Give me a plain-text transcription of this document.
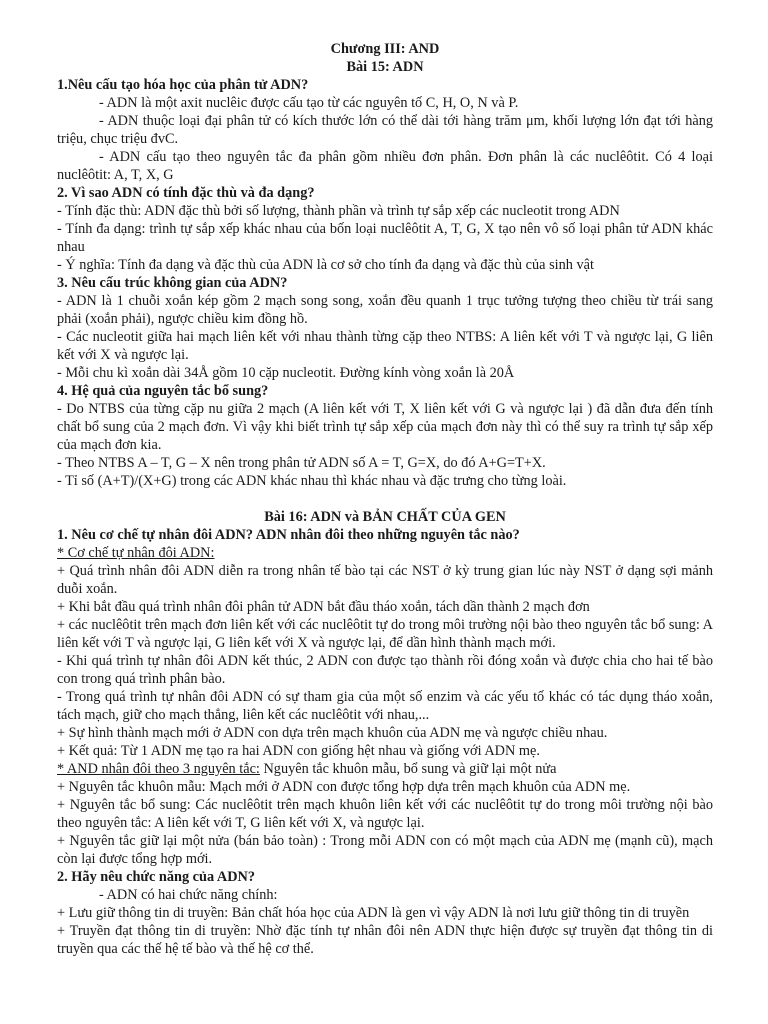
Chương III: AND
Bài 15: ADN
1.Nêu cấu tạo hóa học của phân tử ADN?

- ADN là một axit nuclêic được cấu tạo từ các nguyên tố C, H, O, N và P.

- ADN thuộc loại đại phân tử có kích thước lớn có thể dài tới hàng trăm μm, khối lượng lớn đạt tới hàng triệu, chục triệu đvC.

- ADN cấu tạo theo nguyên tắc đa phân gồm nhiều đơn phân. Đơn phân là các nuclêôtit. Có 4 loại nuclêôtit: A, T, X, G

2. Vì sao ADN có tính đặc thù và đa dạng?

- Tính đặc thù: ADN đặc thù bởi số lượng, thành phần và trình tự sắp xếp các nucleotit trong ADN

- Tính đa dạng: trình tự sắp xếp khác nhau của bốn loại nuclêôtit A, T, G, X tạo nên vô số loại phân tử ADN khác nhau

- Ý nghĩa: Tính đa dạng và đặc thù của ADN là cơ sở cho tính đa dạng và đặc thù của sinh vật

3. Nêu cấu trúc không gian của ADN?

- ADN là 1 chuỗi xoắn kép gồm 2 mạch song song, xoắn đều quanh 1 trục tưởng tượng theo chiều từ trái sang phải (xoắn phải), ngược chiều kim đồng hồ.

- Các nucleotit giữa hai mạch liên kết với nhau thành từng cặp theo NTBS: A liên kết với T và ngược lại, G liên kết với X và ngược lại.

- Mỗi chu kì xoắn dài 34Å gồm 10 cặp nucleotit. Đường kính vòng xoắn là 20Å

4. Hệ quả của nguyên tắc bổ sung?

- Do NTBS của từng cặp nu giữa 2 mạch (A liên kết với T, X liên kết với G và ngược lại ) đã dẫn đưa đến tính chất bổ sung của 2 mạch đơn. Vì vậy khi biết trình tự sắp xếp của mạch đơn này thì có thể suy ra trình tự sắp xếp của mạch đơn kia.

- Theo NTBS A – T, G – X nên trong phân tử ADN số A = T, G=X, do đó A+G=T+X.

- Tỉ số (A+T)/(X+G) trong các ADN khác nhau thì khác nhau và đặc trưng cho từng loài.

Bài 16: ADN và BẢN CHẤT CỦA GEN
1. Nêu cơ chế tự nhân đôi ADN? ADN nhân đôi theo những nguyên tắc nào?
* Cơ chế tự nhân đôi ADN:

+ Quá trình nhân đôi ADN diễn ra trong nhân tế bào tại các NST ở kỳ trung gian lúc này NST ở dạng sợi mảnh duỗi xoắn.

+ Khi bắt đầu quá trình nhân đôi phân tử ADN bắt đầu tháo xoắn, tách dần thành 2 mạch đơn

+ các nuclêôtit trên mạch đơn liên kết với các nuclêôtit tự do trong môi trường nội bào theo nguyên tắc bổ sung: A liên kết với T và ngược lại, G liên kết với X và ngược lại, để dần hình thành mạch mới.

- Khi quá trình tự nhân đôi ADN kết thúc, 2 ADN con được tạo thành rồi đóng xoắn và được chia cho hai tế bào con trong quá trình phân bào.

- Trong quá trình tự nhân đôi ADN có sự tham gia của một số enzim và các yếu tố khác có tác dụng tháo xoắn, tách mạch, giữ cho mạch thẳng, liên kết các nuclêôtit với nhau,...

+ Sự hình thành mạch mới ở ADN con dựa trên mạch khuôn của ADN mẹ và ngược chiều nhau.

+ Kết quả: Từ 1 ADN mẹ tạo ra hai ADN con giống hệt nhau và giống với ADN mẹ.

* AND nhân đôi theo 3 nguyên tắc: Nguyên tắc khuôn mẫu, bổ sung và giữ lại một nửa

+ Nguyên tắc khuôn mẫu: Mạch mới ở ADN con được tổng hợp dựa trên mạch khuôn của ADN mẹ.

+ Nguyên tắc bổ sung: Các nuclêôtit trên mạch khuôn liên kết với các nuclêôtit tự do trong môi trường nội bào theo nguyên tắc: A liên kết với T, G liên kết với X, và ngược lại.

+ Nguyên tắc giữ lại một nửa (bán bảo toàn) : Trong mỗi ADN con có một mạch của ADN mẹ (mạnh cũ), mạch còn lại được tổng hợp mới.

2. Hãy nêu chức năng của ADN?

- ADN có hai chức năng chính:

+ Lưu giữ thông tin di truyền: Bản chất hóa học của ADN là gen vì vậy ADN là nơi lưu giữ thông tin di truyền

+ Truyền đạt thông tin di truyền: Nhờ đặc tính tự nhân đôi nên ADN thực hiện được sự truyền đạt thông tin di truyền qua các thế hệ tế bào và thế hệ cơ thể.
